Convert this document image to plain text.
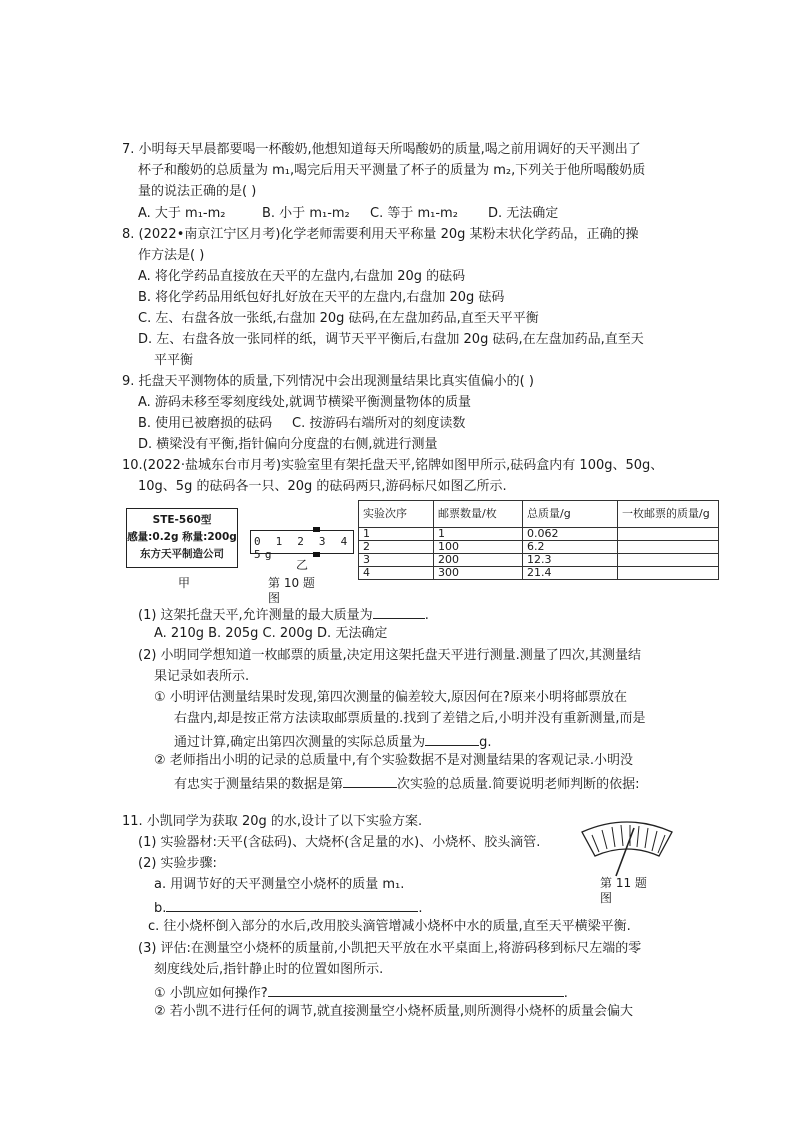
7. 小明每天早晨都要喝一杯酸奶,他想知道每天所喝酸奶的质量,喝之前用调好的天平测出了
杯子和酸奶的总质量为 m₁,喝完后用天平测量了杯子的质量为 m₂,下列关于他所喝酸奶质
量的说法正确的是( )
A. 大于 m₁-m₂	B. 小于 m₁-m₂ C. 等于 m₁-m₂ D. 无法确定
8. (2022•南京江宁区月考)化学老师需要利用天平称量 20g 某粉末状化学药品，正确的操
作方法是( )
A. 将化学药品直接放在天平的左盘内,右盘加 20g 的砝码
B. 将化学药品用纸包好扎好放在天平的左盘内,右盘加 20g 砝码
C. 左、右盘各放一张纸,右盘加 20g 砝码,在左盘加药品,直至天平平衡
D. 左、右盘各放一张同样的纸，调节天平平衡后,右盘加 20g 砝码,在左盘加药品,直至天
平平衡
9. 托盘天平测物体的质量,下列情况中会出现测量结果比真实值偏小的( )
A. 游码未移至零刻度线处,就调节横梁平衡测量物体的质量
B. 使用已被磨损的砝码 C. 按游码右端所对的刻度读数
D. 横梁没有平衡,指针偏向分度盘的右侧,就进行测量
10.(2022·盐城东台市月考)实验室里有架托盘天平,铭牌如图甲所示,砝码盒内有 100g、50g、
10g、5g 的砝码各一只、20g 的砝码两只,游码标尺如图乙所示.
STE-560型
感量:0.2g 称量:200g
东方天平制造公司
甲
0 1 2 3 4 5g
乙
第 10 题
图
实验次序	邮票数量/枚	总质量/g	一枚邮票的质量/g
1	1	0.062	
2	100	6.2	
3	200	12.3	
4	300	21.4	
(1) 这架托盘天平,允许测量的最大质量为	.
A. 210g B. 205g C. 200g D. 无法确定
(2) 小明同学想知道一枚邮票的质量,决定用这架托盘天平进行测量.测量了四次,其测量结
果记录如表所示.
① 小明评估测量结果时发现,第四次测量的偏差较大,原因何在?原来小明将邮票放在
右盘内,却是按正常方法读取邮票质量的.找到了差错之后,小明并没有重新测量,而是
通过计算,确定出第四次测量的实际总质量为	g.
② 老师指出小明的记录的总质量中,有个实验数据不是对测量结果的客观记录.小明没
有忠实于测量结果的数据是第	次实验的总质量.简要说明老师判断的依据:
11. 小凯同学为获取 20g 的水,设计了以下实验方案.
(1) 实验器材:天平(含砝码)、大烧杯(含足量的水)、小烧杯、胶头滴管.
(2) 实验步骤:
a. 用调节好的天平测量空小烧杯的质量 m₁.
b.	.
c. 往小烧杯倒入部分的水后,改用胶头滴管增减小烧杯中水的质量,直至天平横梁平衡.
(3) 评估:在测量空小烧杯的质量前,小凯把天平放在水平桌面上,将游码移到标尺左端的零
刻度线处后,指针静止时的位置如图所示.
① 小凯应如何操作?	.
② 若小凯不进行任何的调节,就直接测量空小烧杯质量,则所测得小烧杯的质量会偏大
第 11 题
图
